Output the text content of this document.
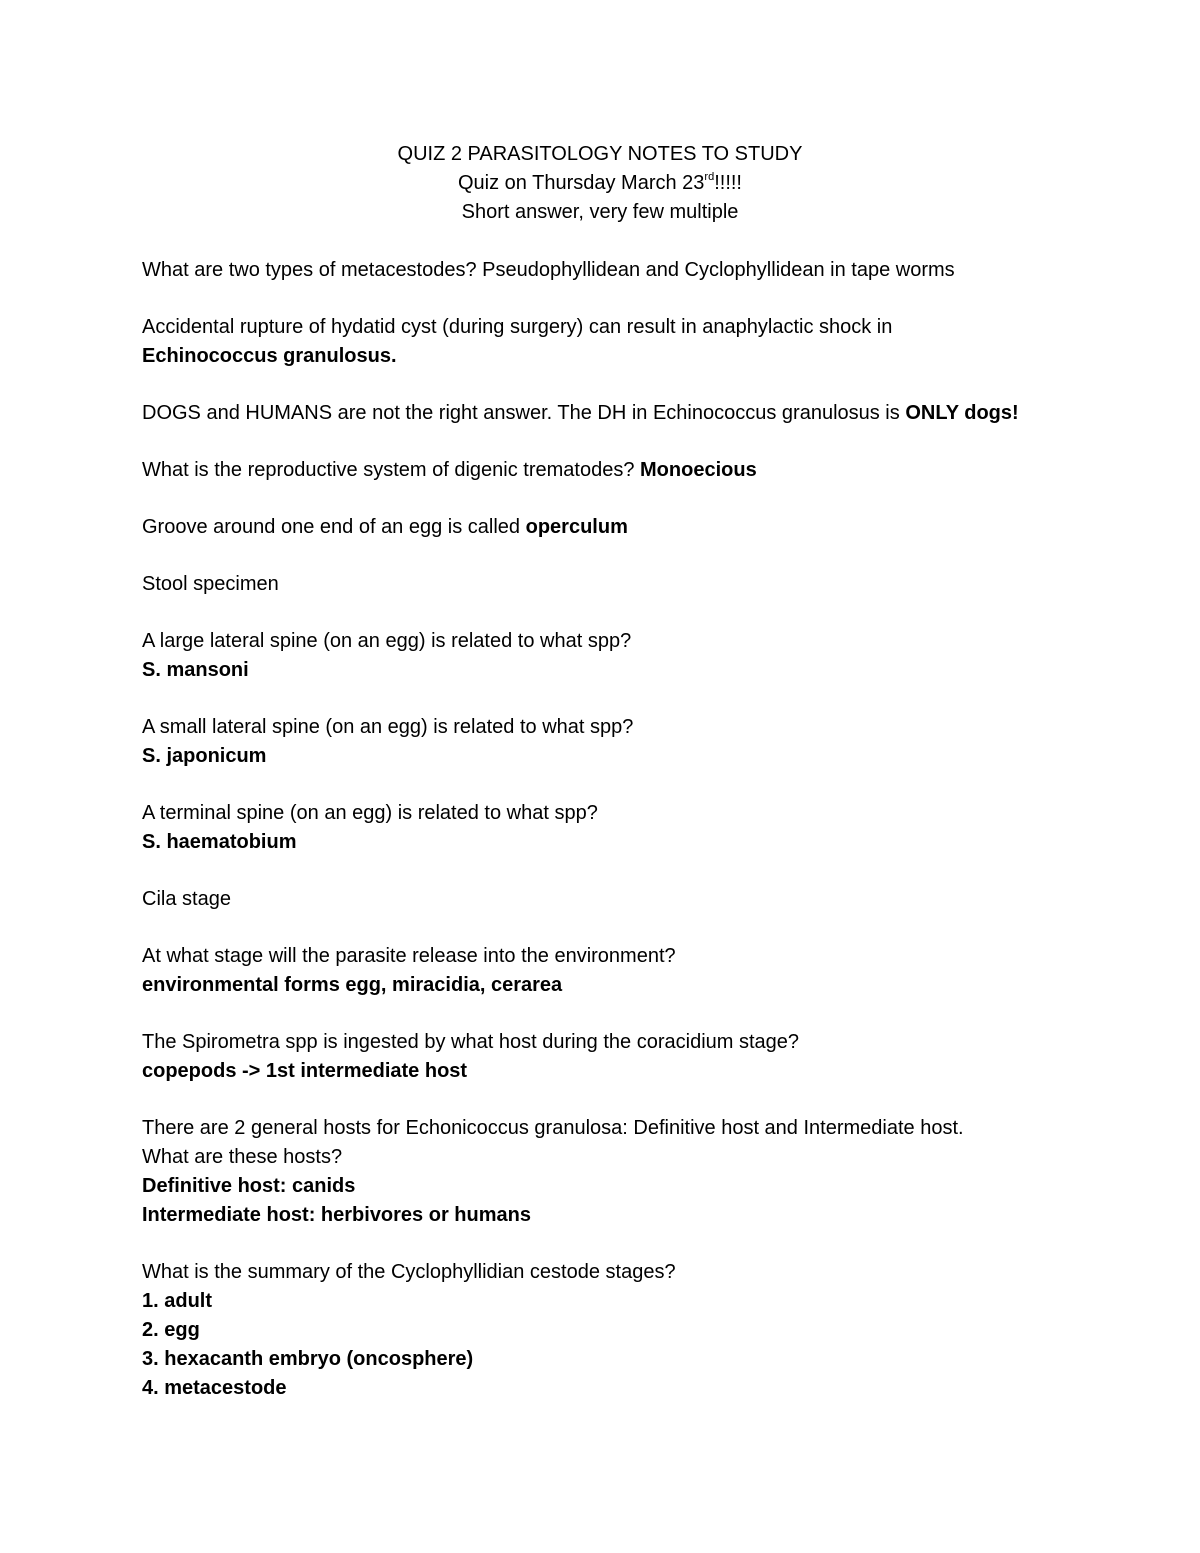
QUIZ 2 PARASITOLOGY NOTES TO STUDY
Quiz on Thursday March 23rd!!!!!
Short answer, very few multiple
What are two types of metacestodes? Pseudophyllidean and Cyclophyllidean in tape worms
Accidental rupture of hydatid cyst (during surgery) can result in anaphylactic shock in
Echinococcus granulosus.
DOGS and HUMANS are not the right answer. The DH in Echinococcus granulosus is ONLY dogs!
What is the reproductive system of digenic trematodes? Monoecious
Groove around one end of an egg is called operculum
Stool specimen
A large lateral spine (on an egg) is related to what spp?
S. mansoni
A small lateral spine (on an egg) is related to what spp?
S. japonicum
A terminal spine (on an egg) is related to what spp?
S. haematobium
Cila stage
At what stage will the parasite release into the environment?
environmental forms egg, miracidia, cerarea
The Spirometra spp is ingested by what host during the coracidium stage?
copepods -> 1st intermediate host
There are 2 general hosts for Echonicoccus granulosa: Definitive host and Intermediate host.
What are these hosts?
Definitive host: canids
Intermediate host: herbivores or humans
What is the summary of the Cyclophyllidian cestode stages?
1. adult
2. egg
3. hexacanth embryo (oncosphere)
4. metacestode
